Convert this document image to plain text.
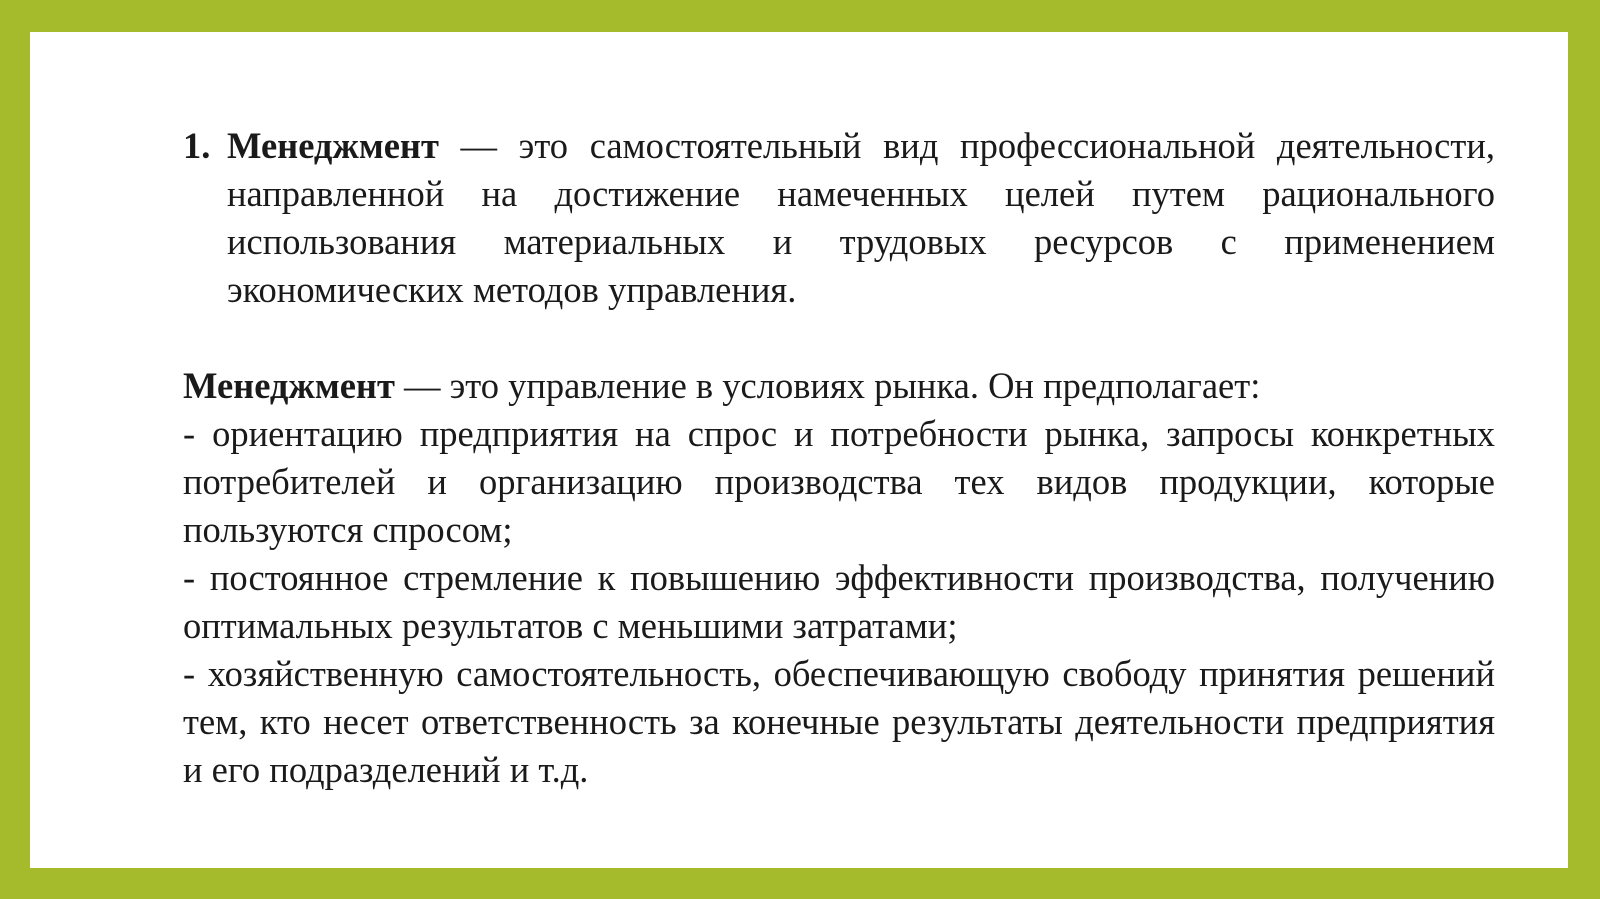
1. Менеджмент — это самостоятельный вид профессиональной деятельности, направленной на достижение намеченных целей путем рационального использования материальных и трудовых ресурсов с применением экономических методов управления.
Менеджмент — это управление в условиях рынка. Он предполагает:
- ориентацию предприятия на спрос и потребности рынка, запросы конкретных потребителей и организацию производства тех видов продукции, которые пользуются спросом;
- постоянное стремление к повышению эффективности производства, получению оптимальных результатов с меньшими затратами;
- хозяйственную самостоятельность, обеспечивающую свободу принятия решений тем, кто несет ответственность за конечные результаты деятельности предприятия и его подразделений и т.д.
